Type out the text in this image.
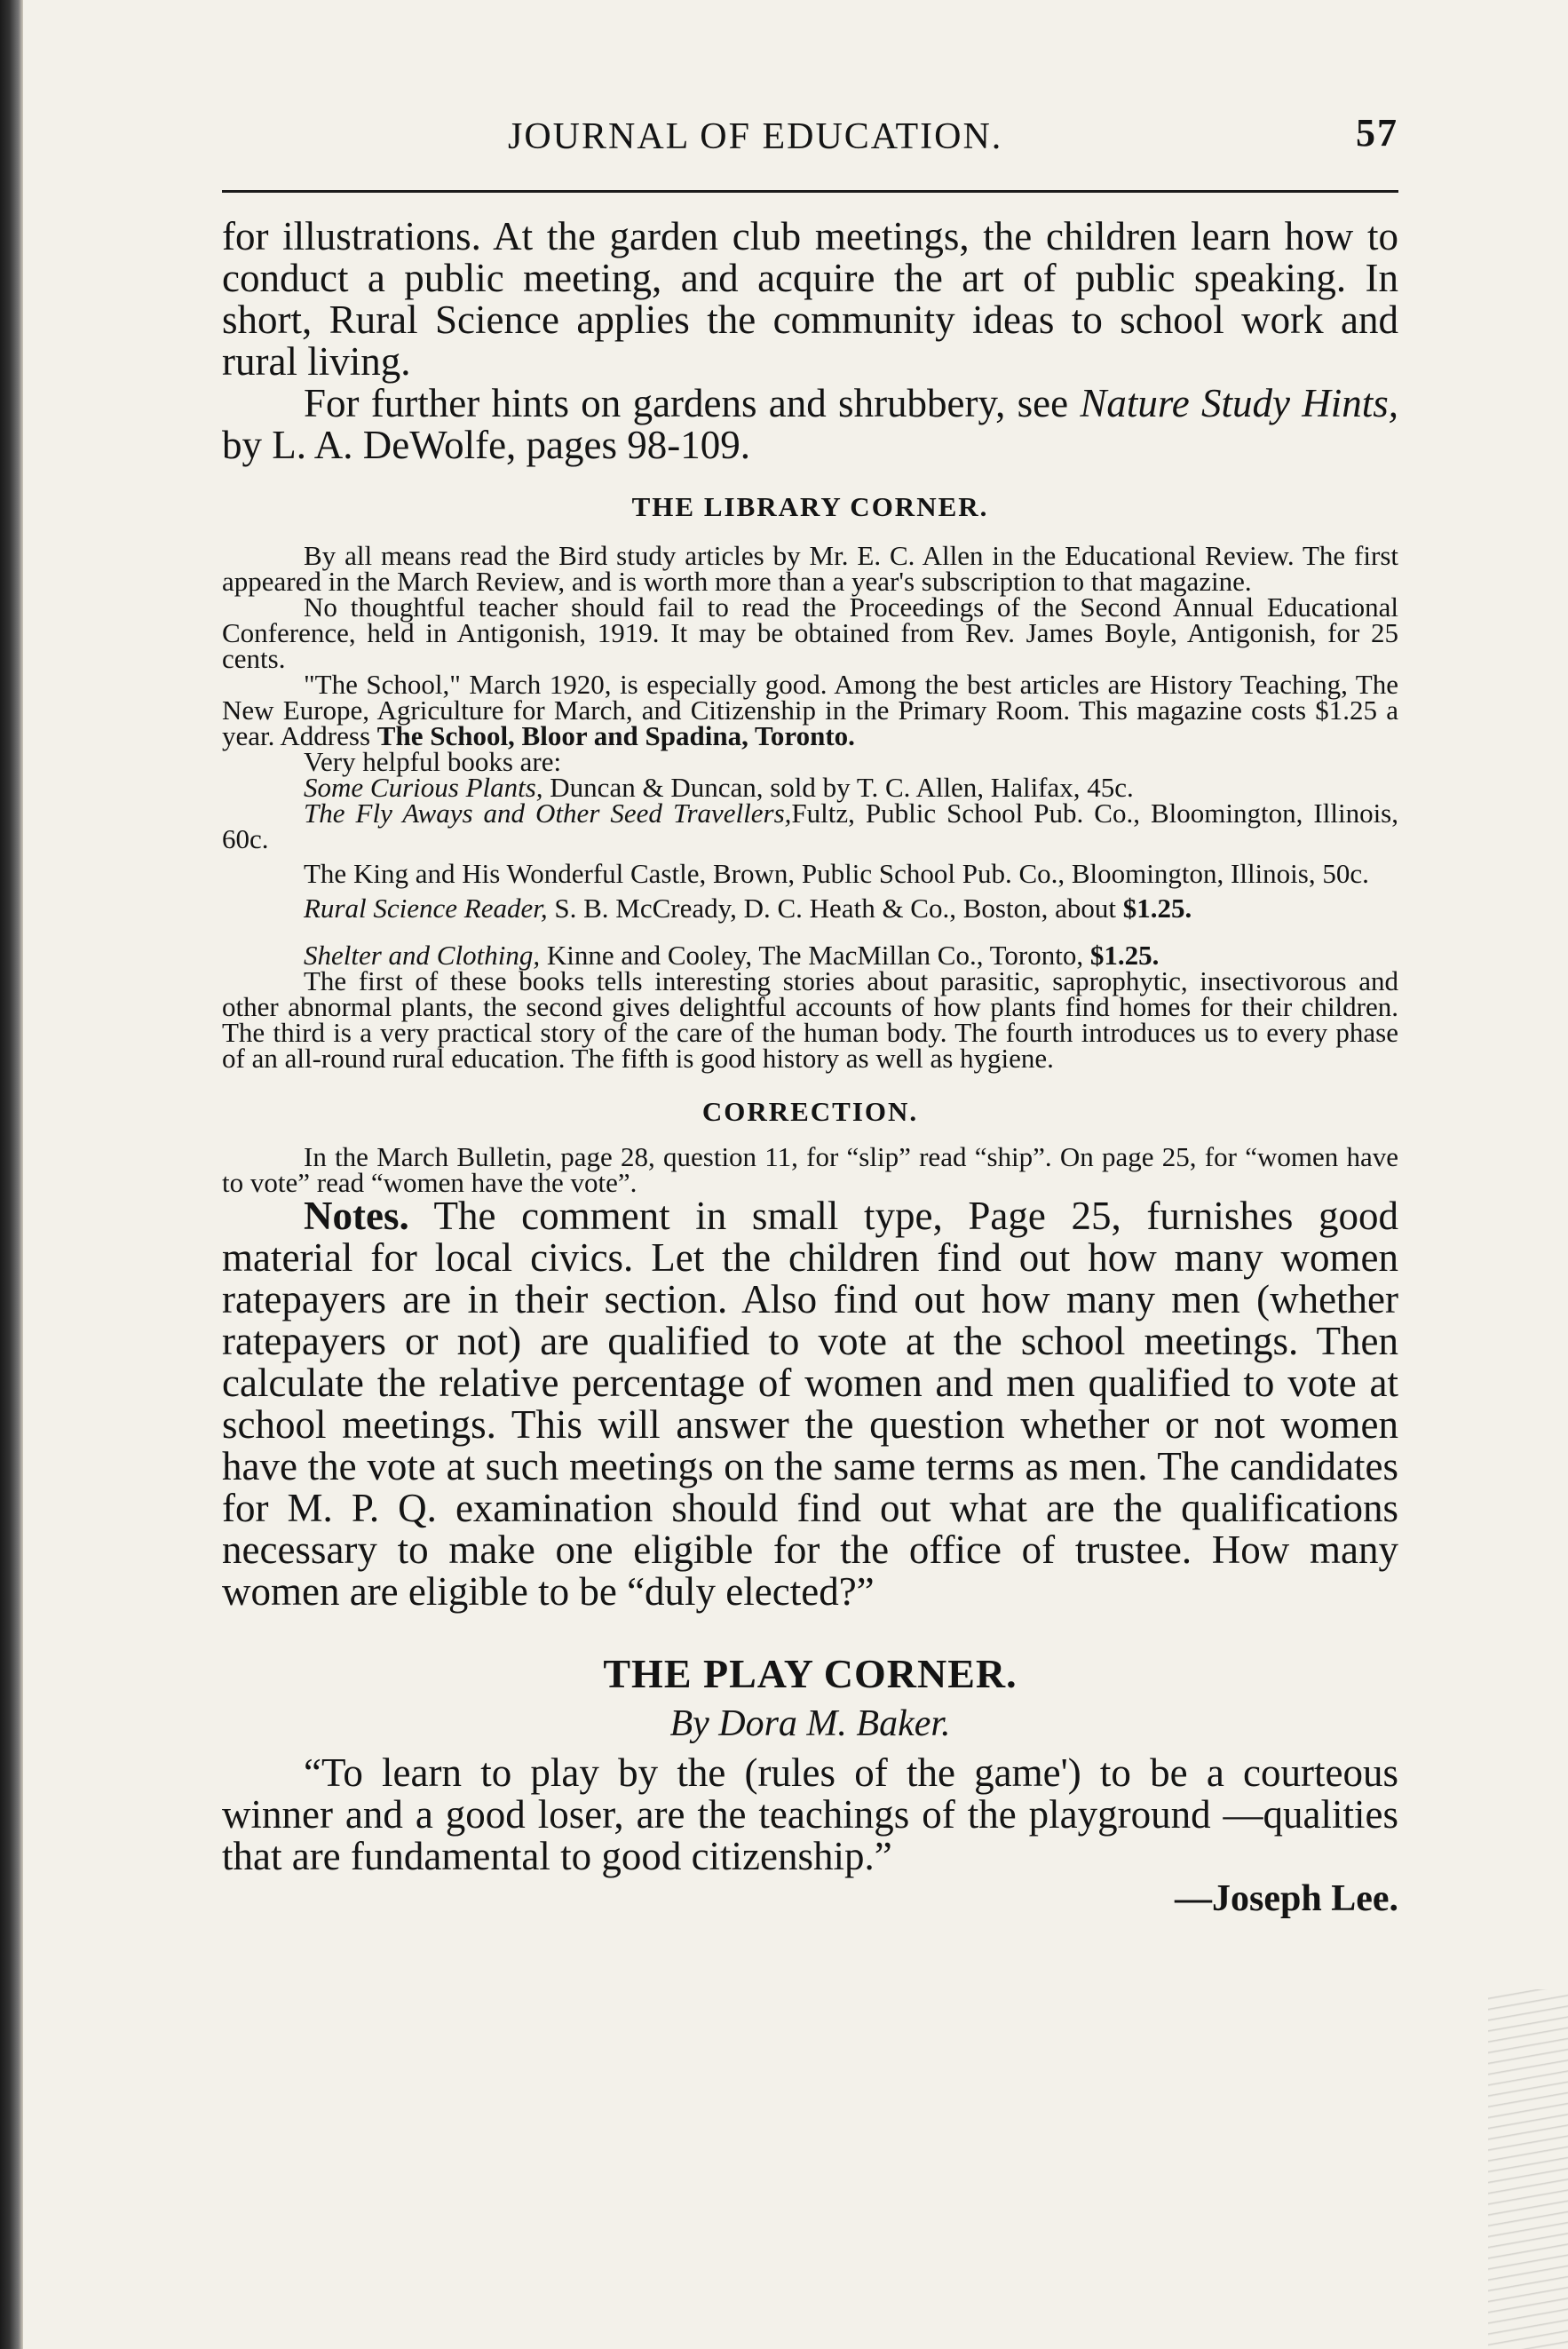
JOURNAL OF EDUCATION.	57

for illustrations. At the garden club meetings, the children learn how to conduct a public meeting, and acquire the art of public speaking. In short, Rural Science applies the community ideas to school work and rural living.

For further hints on gardens and shrubbery, see Nature Study Hints, by L. A. DeWolfe, pages 98-109.

THE LIBRARY CORNER.

By all means read the Bird study articles by Mr. E. C. Allen in the Educational Review. The first appeared in the March Review, and is worth more than a year's subscription to that magazine.

No thoughtful teacher should fail to read the Proceedings of the Second Annual Educational Conference, held in Antigonish, 1919. It may be obtained from Rev. James Boyle, Antigonish, for 25 cents.

"The School," March 1920, is especially good. Among the best articles are History Teaching, The New Europe, Agriculture for March, and Citizenship in the Primary Room. This magazine costs $1.25 a year. Address The School, Bloor and Spadina, Toronto.

Very helpful books are:

Some Curious Plants, Duncan & Duncan, sold by T. C. Allen, Halifax, 45c.

The Fly Aways and Other Seed Travellers,Fultz, Public School Pub. Co., Bloomington, Illinois, 60c.

The King and His Wonderful Castle, Brown, Public School Pub. Co., Bloomington, Illinois, 50c.

Rural Science Reader, S. B. McCready, D. C. Heath & Co., Boston, about $1.25.

Shelter and Clothing, Kinne and Cooley, The MacMillan Co., Toronto, $1.25.

The first of these books tells interesting stories about parasitic, saprophytic, insectivorous and other abnormal plants, the second gives delightful accounts of how plants find homes for their children. The third is a very practical story of the care of the human body. The fourth introduces us to every phase of an all-round rural education. The fifth is good history as well as hygiene.

CORRECTION.

In the March Bulletin, page 28, question 11, for “slip” read “ship”. On page 25, for “women have to vote” read “women have the vote”.

Notes. The comment in small type, Page 25, furnishes good material for local civics. Let the children find out how many women ratepayers are in their section. Also find out how many men (whether ratepayers or not) are qualified to vote at the school meetings. Then calculate the relative percentage of women and men qualified to vote at school meetings. This will answer the question whether or not women have the vote at such meetings on the same terms as men. The candidates for M. P. Q. examination should find out what are the qualifications necessary to make one eligible for the office of trustee. How many women are eligible to be “duly elected?”

THE PLAY CORNER.

By Dora M. Baker.

“To learn to play by the (rules of the game') to be a courteous winner and a good loser, are the teachings of the playground —qualities that are fundamental to good citizenship.”

—Joseph Lee.
